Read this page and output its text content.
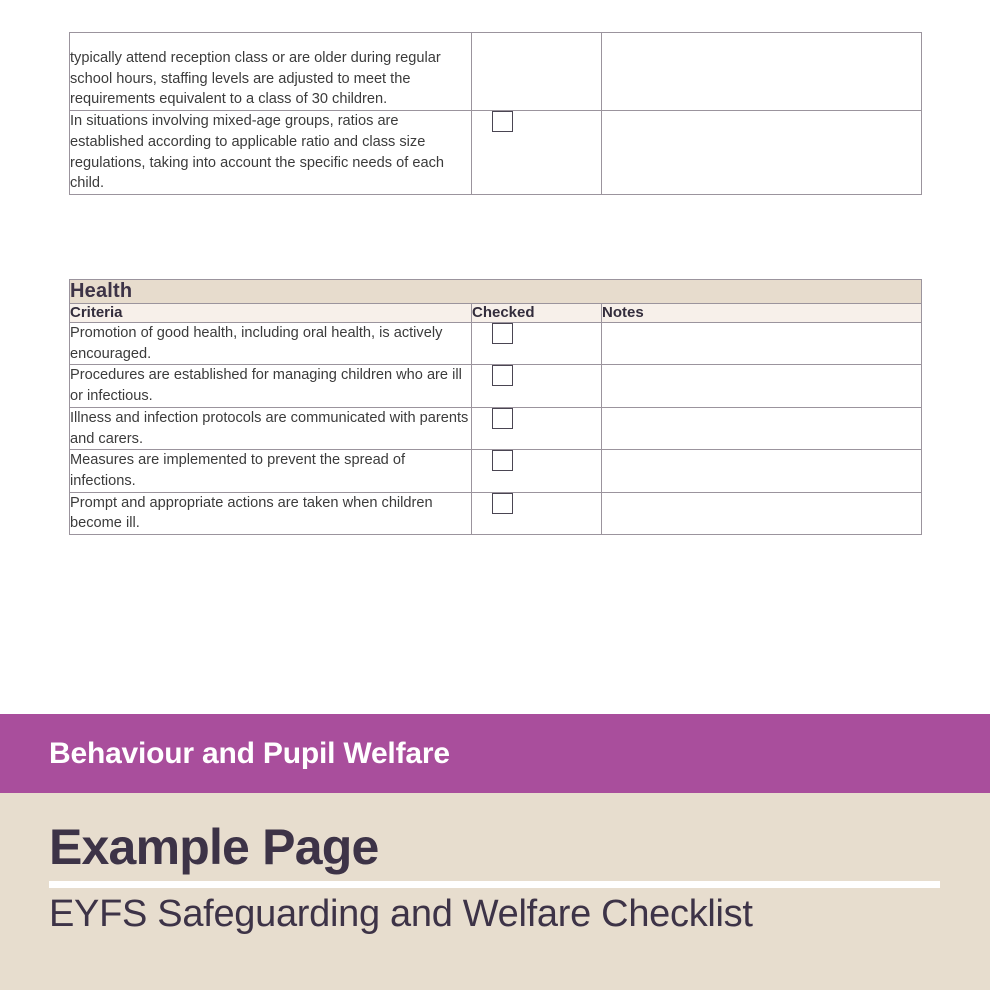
typically attend reception class or are older during regular school hours, staffing levels are adjusted to meet the requirements equivalent to a class of 30 children.		
In situations involving mixed-age groups, ratios are established according to applicable ratio and class size regulations, taking into account the specific needs of each child.	

Health		
Criteria	Checked	Notes
Promotion of good health, including oral health, is actively encouraged.	

Procedures are established for managing children who are ill or infectious.	

Illness and infection protocols are communicated with parents and carers.	

Measures are implemented to prevent the spread of infections.	

Prompt and appropriate actions are taken when children become ill.	

Behaviour and Pupil Welfare
Example Page
EYFS Safeguarding and Welfare Checklist
